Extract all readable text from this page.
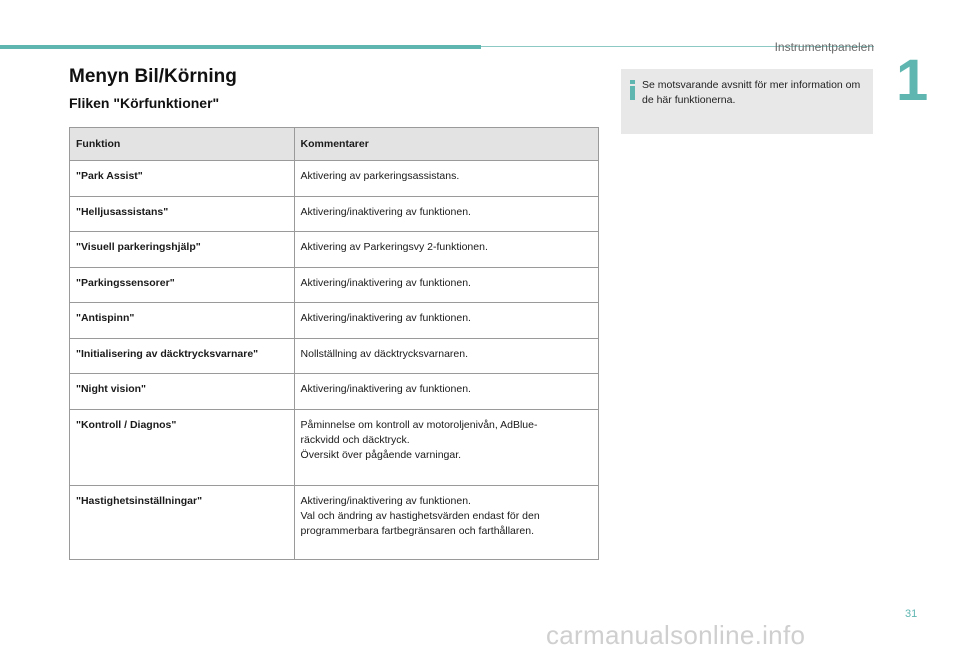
Instrumentpanelen
1
Menyn Bil/Körning
Fliken "Körfunktioner"
Se motsvarande avsnitt för mer information om de här funktionerna.
Funktion	Kommentarer
"Park Assist"	Aktivering av parkeringsassistans.

"Helljusassistans"	Aktivering/inaktivering av funktionen.

"Visuell parkeringshjälp"	Aktivering av Parkeringsvy 2-funktionen.

"Parkingssensorer"	Aktivering/inaktivering av funktionen.

"Antispinn"	Aktivering/inaktivering av funktionen.

"Initialisering av däcktrycksvarnare"	Nollställning av däcktrycksvarnaren.

"Night vision"	Aktivering/inaktivering av funktionen.

"Kontroll / Diagnos"	Påminnelse om kontroll av motoroljenivån, AdBlue-
räckvidd och däcktryck.
Översikt över pågående varningar.

"Hastighetsinställningar"	Aktivering/inaktivering av funktionen.
Val och ändring av hastighetsvärden endast för den
programmerbara fartbegränsaren och farthållaren.
31
carmanualsonline.info
